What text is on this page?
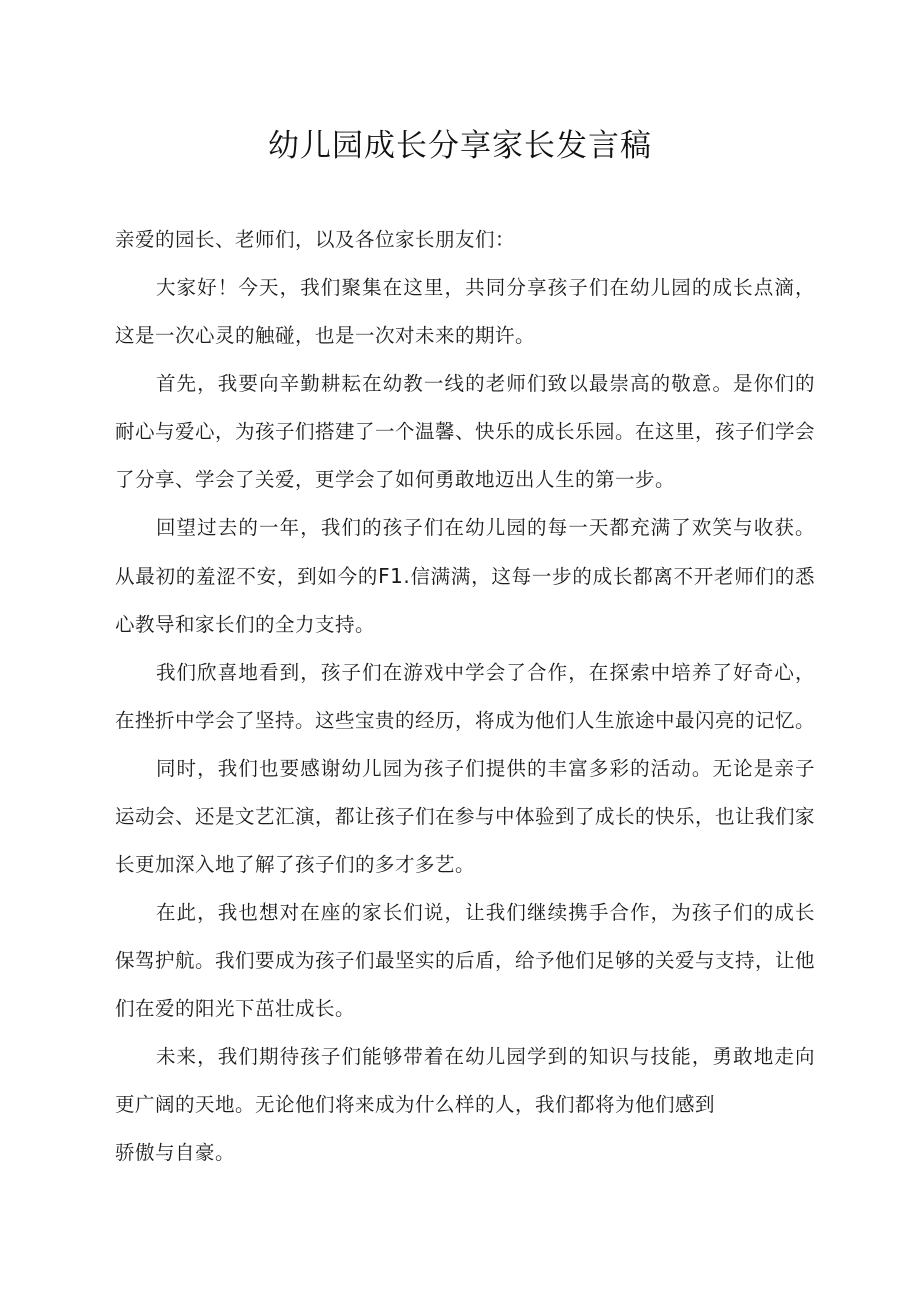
幼儿园成长分享家长发言稿

亲爱的园长、老师们，以及各位家长朋友们：

大家好！今天，我们聚集在这里，共同分享孩子们在幼儿园的成长点滴，这是一次心灵的触碰，也是一次对未来的期许。

首先，我要向辛勤耕耘在幼教一线的老师们致以最崇高的敬意。是你们的耐心与爱心，为孩子们搭建了一个温馨、快乐的成长乐园。在这里，孩子们学会了分享、学会了关爱，更学会了如何勇敢地迈出人生的第一步。

回望过去的一年，我们的孩子们在幼儿园的每一天都充满了欢笑与收获。从最初的羞涩不安，到如今的F1.信满满，这每一步的成长都离不开老师们的悉心教导和家长们的全力支持。

我们欣喜地看到，孩子们在游戏中学会了合作，在探索中培养了好奇心，在挫折中学会了坚持。这些宝贵的经历，将成为他们人生旅途中最闪亮的记忆。

同时，我们也要感谢幼儿园为孩子们提供的丰富多彩的活动。无论是亲子运动会、还是文艺汇演，都让孩子们在参与中体验到了成长的快乐，也让我们家长更加深入地了解了孩子们的多才多艺。

在此，我也想对在座的家长们说，让我们继续携手合作，为孩子们的成长保驾护航。我们要成为孩子们最坚实的后盾，给予他们足够的关爱与支持，让他们在爱的阳光下茁壮成长。

未来，我们期待孩子们能够带着在幼儿园学到的知识与技能，勇敢地走向更广阔的天地。无论他们将来成为什么样的人，我们都将为他们感到

骄傲与自豪。
